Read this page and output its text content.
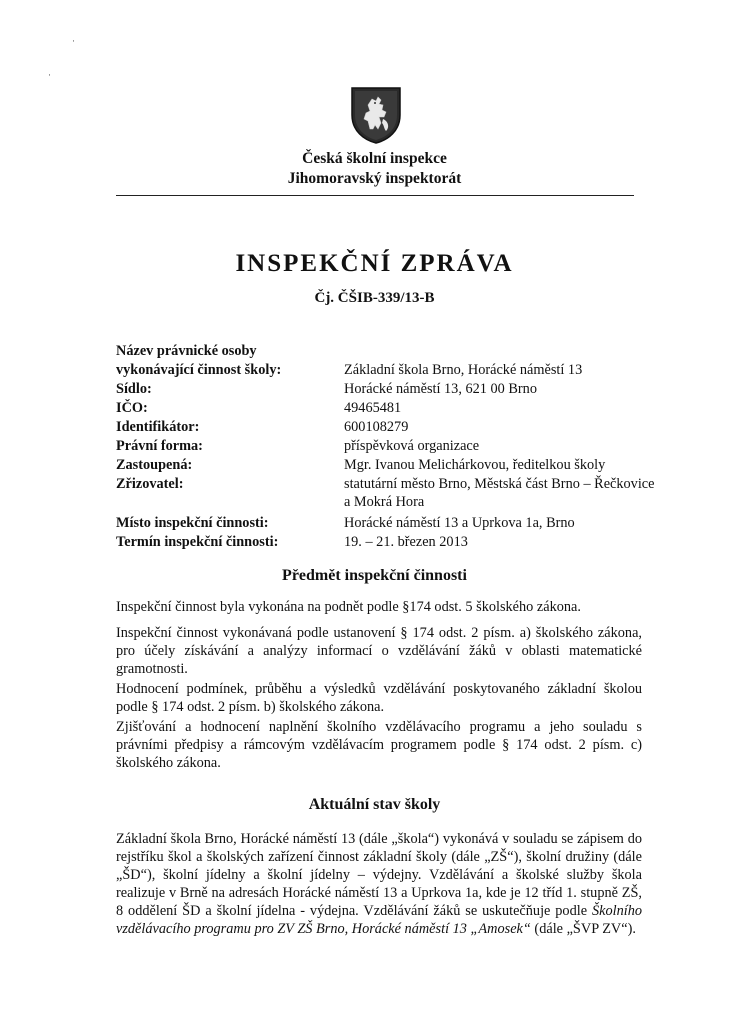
·
·
Česká školní inspekce
Jihomoravský inspektorát
INSPEKČNÍ ZPRÁVA
Čj. ČŠIB-339/13-B
Název právnické osoby
vykonávající činnost školy:	Základní škola Brno, Horácké náměstí 13
Sídlo:	Horácké náměstí 13, 621 00 Brno
IČO:	49465481
Identifikátor:	600108279
Právní forma:	příspěvková organizace
Zastoupená:	Mgr. Ivanou Melichárkovou, ředitelkou školy
Zřizovatel:	statutární město Brno, Městská část Brno – Řečkovice a Mokrá Hora
Místo inspekční činnosti:	Horácké náměstí 13 a Uprkova 1a, Brno
Termín inspekční činnosti:	19. – 21. březen 2013
Předmět inspekční činnosti
Inspekční činnost byla vykonána na podnět podle §174 odst. 5 školského zákona.
Inspekční činnost vykonávaná podle ustanovení § 174 odst. 2 písm. a) školského zákona, pro účely získávání a analýzy informací o vzdělávání žáků v oblasti matematické gramotnosti.
Hodnocení podmínek, průběhu a výsledků vzdělávání poskytovaného základní školou podle § 174 odst. 2 písm. b) školského zákona.
Zjišťování a hodnocení naplnění školního vzdělávacího programu a jeho souladu s právními předpisy a rámcovým vzdělávacím programem podle § 174 odst. 2 písm. c) školského zákona.
Aktuální stav školy
Základní škola Brno, Horácké náměstí 13 (dále „škola“) vykonává v souladu se zápisem do rejstříku škol a školských zařízení činnost základní školy (dále „ZŠ“), školní družiny (dále „ŠD“), školní jídelny a školní jídelny – výdejny. Vzdělávání a školské služby škola realizuje v Brně na adresách Horácké náměstí 13 a Uprkova 1a, kde je 12 tříd 1. stupně ZŠ, 8 oddělení ŠD a školní jídelna - výdejna. Vzdělávání žáků se uskutečňuje podle Školního vzdělávacího programu pro ZV ZŠ Brno, Horácké náměstí 13 „Amosek“ (dále „ŠVP ZV“).
